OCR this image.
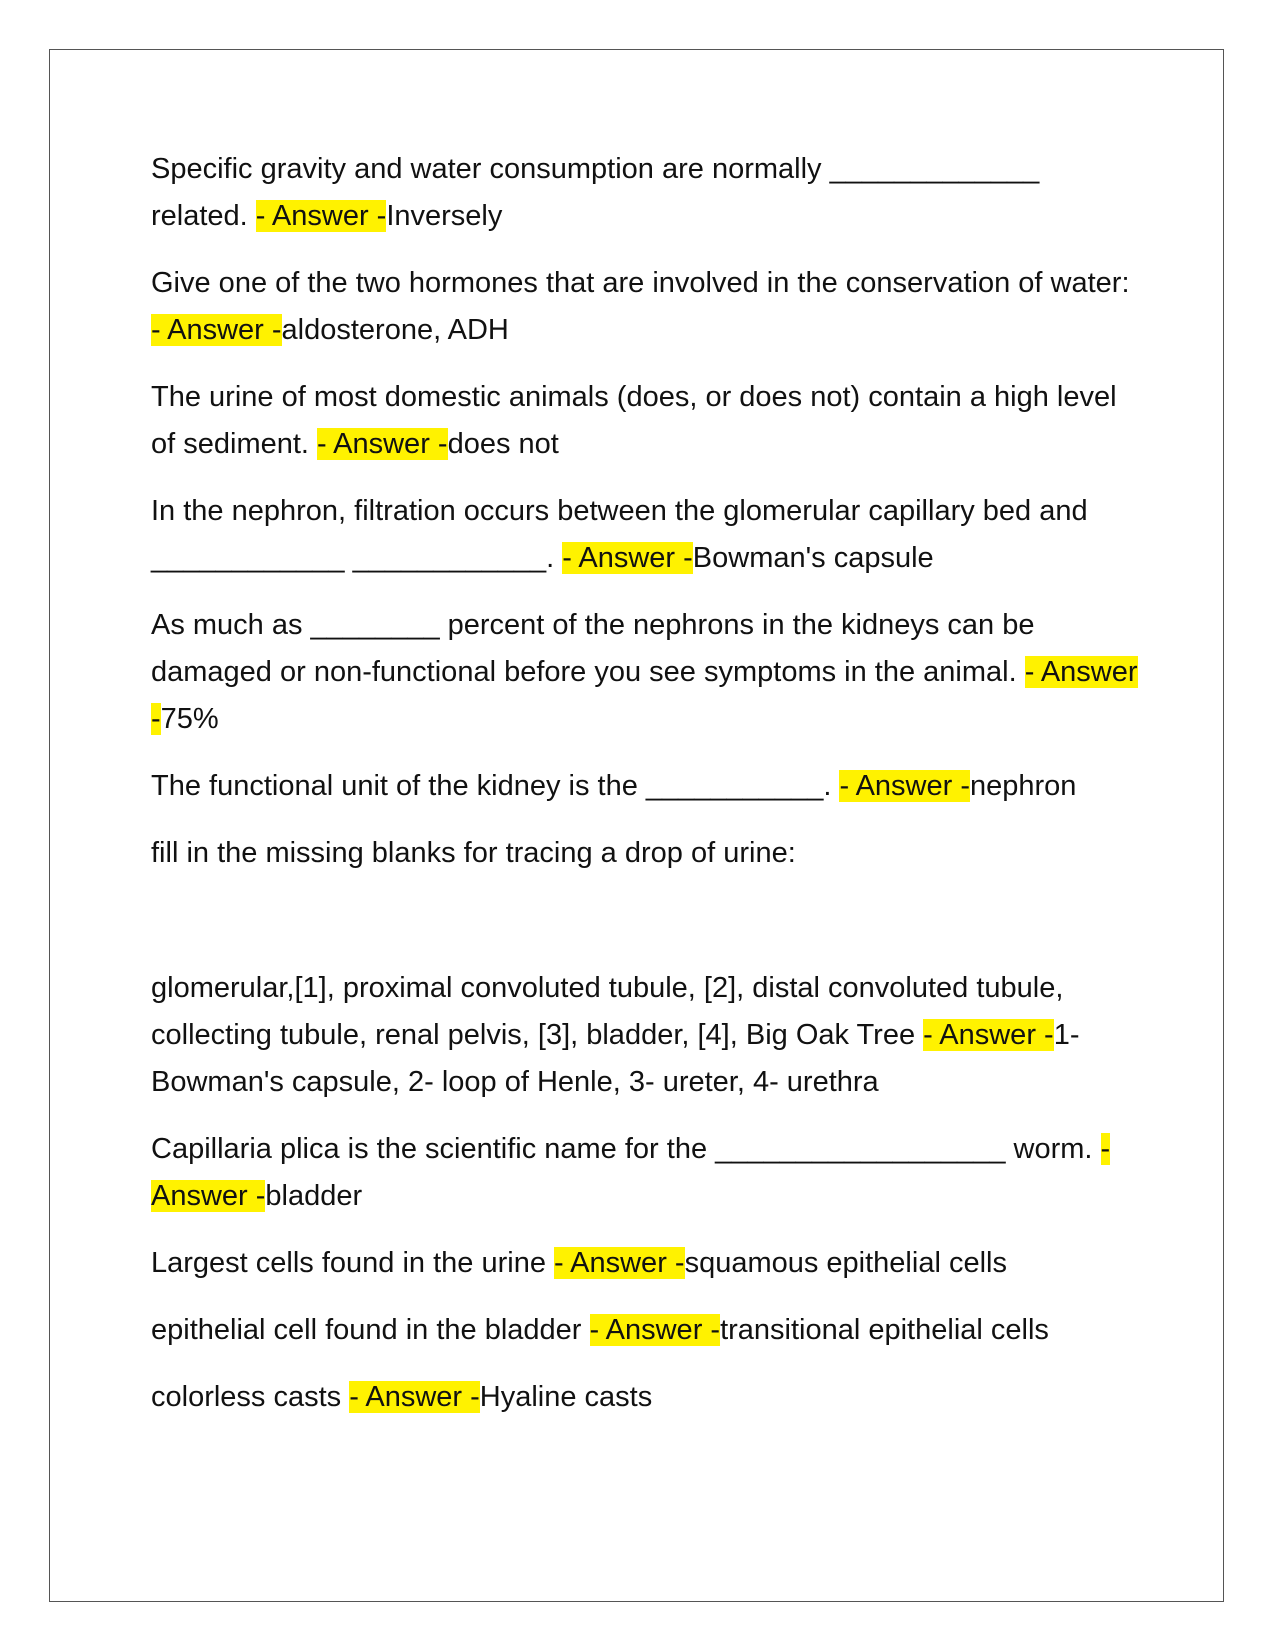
Specific gravity and water consumption are normally _____________ related. - Answer -Inversely

Give one of the two hormones that are involved in the conservation of water: - Answer -aldosterone, ADH

The urine of most domestic animals (does, or does not) contain a high level of sediment. - Answer -does not

In the nephron, filtration occurs between the glomerular capillary bed and ____________ ____________. - Answer -Bowman's capsule

As much as ________ percent of the nephrons in the kidneys can be damaged or non-functional before you see symptoms in the animal. - Answer -75%

The functional unit of the kidney is the ___________. - Answer -nephron

fill in the missing blanks for tracing a drop of urine:

glomerular,[1], proximal convoluted tubule, [2], distal convoluted tubule, collecting tubule, renal pelvis, [3], bladder, [4], Big Oak Tree - Answer -1- Bowman's capsule, 2- loop of Henle, 3- ureter, 4- urethra

Capillaria plica is the scientific name for the __________________ worm. - Answer -bladder

Largest cells found in the urine - Answer -squamous epithelial cells

epithelial cell found in the bladder - Answer -transitional epithelial cells

colorless casts - Answer -Hyaline casts
